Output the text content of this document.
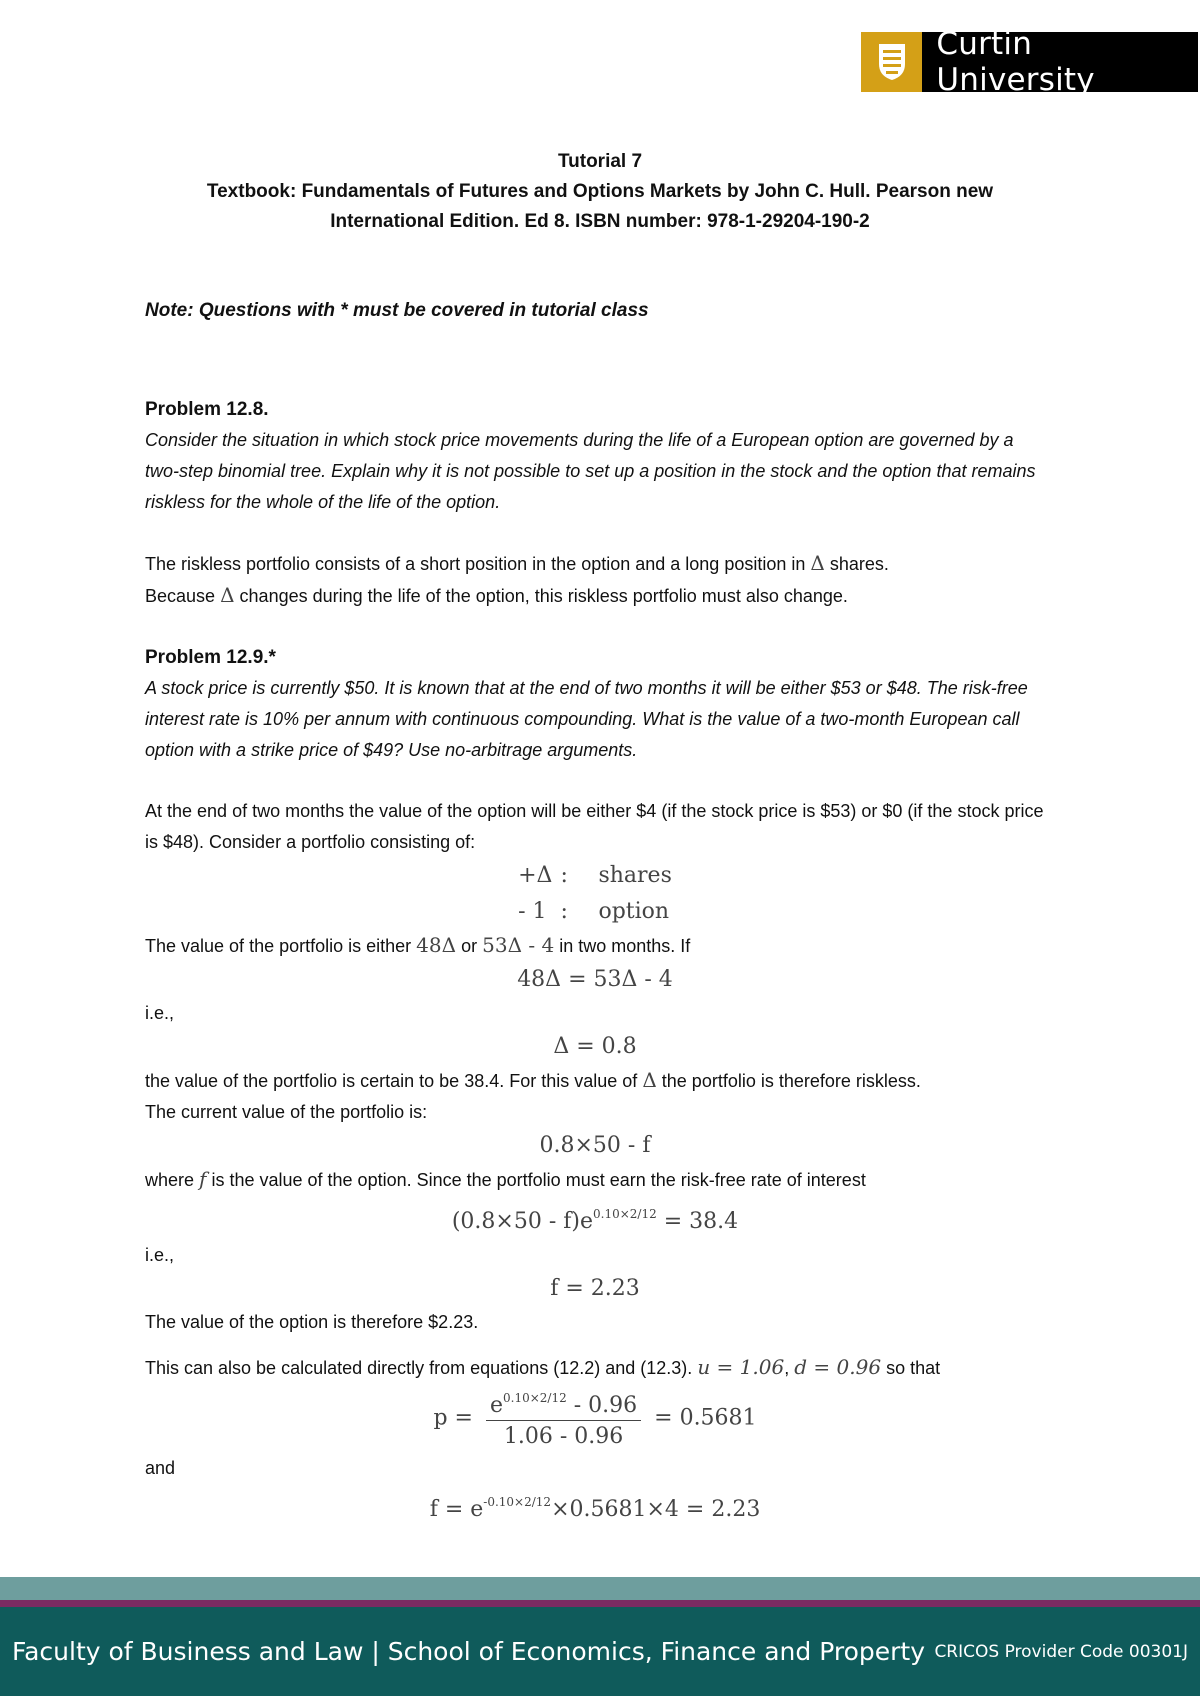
Curtin University
Tutorial 7
Textbook: Fundamentals of Futures and Options Markets by John C. Hull. Pearson new
International Edition. Ed 8. ISBN number: 978-1-29204-190-2
Note: Questions with * must be covered in tutorial class

Problem 12.8.

Consider the situation in which stock price movements during the life of a European option are governed by a two-step binomial tree. Explain why it is not possible to set up a position in the stock and the option that remains riskless for the whole of the life of the option.

The riskless portfolio consists of a short position in the option and a long position in Δ shares.

Because Δ changes during the life of the option, this riskless portfolio must also change.

Problem 12.9.*

A stock price is currently $50. It is known that at the end of two months it will be either $53 or $48. The risk-free interest rate is 10% per annum with continuous compounding. What is the value of a two-month European call option with a strike price of $49? Use no-arbitrage arguments.

At the end of two months the value of the option will be either $4 (if the stock price is $53) or $0 (if the stock price is $48). Consider a portfolio consisting of:

+Δ :	shares
- 1 :	option

The value of the portfolio is either 48Δ or 53Δ - 4 in two months. If

48Δ = 53Δ - 4

i.e.,

Δ = 0.8

the value of the portfolio is certain to be 38.4. For this value of Δ the portfolio is therefore riskless.

The current value of the portfolio is:

0.8×50 - f

where f is the value of the option. Since the portfolio must earn the risk-free rate of interest

$(0.8\times 50 - f)e^{0.10\times 2/12} = 38.4$

i.e.,

f = 2.23

The value of the option is therefore $2.23.

This can also be calculated directly from equations (12.2) and (12.3). u = 1.06, d = 0.96 so that

$p = \frac{e^{0.10\times 2/12} - 0.96}{1.06 - 0.96} = 0.5681$

and

$f = e^{-0.10\times 2/12}\times 0.5681\times 4 = 2.23$

Faculty of Business and Law | School of Economics, Finance and Property CRICOS Provider Code 00301J
